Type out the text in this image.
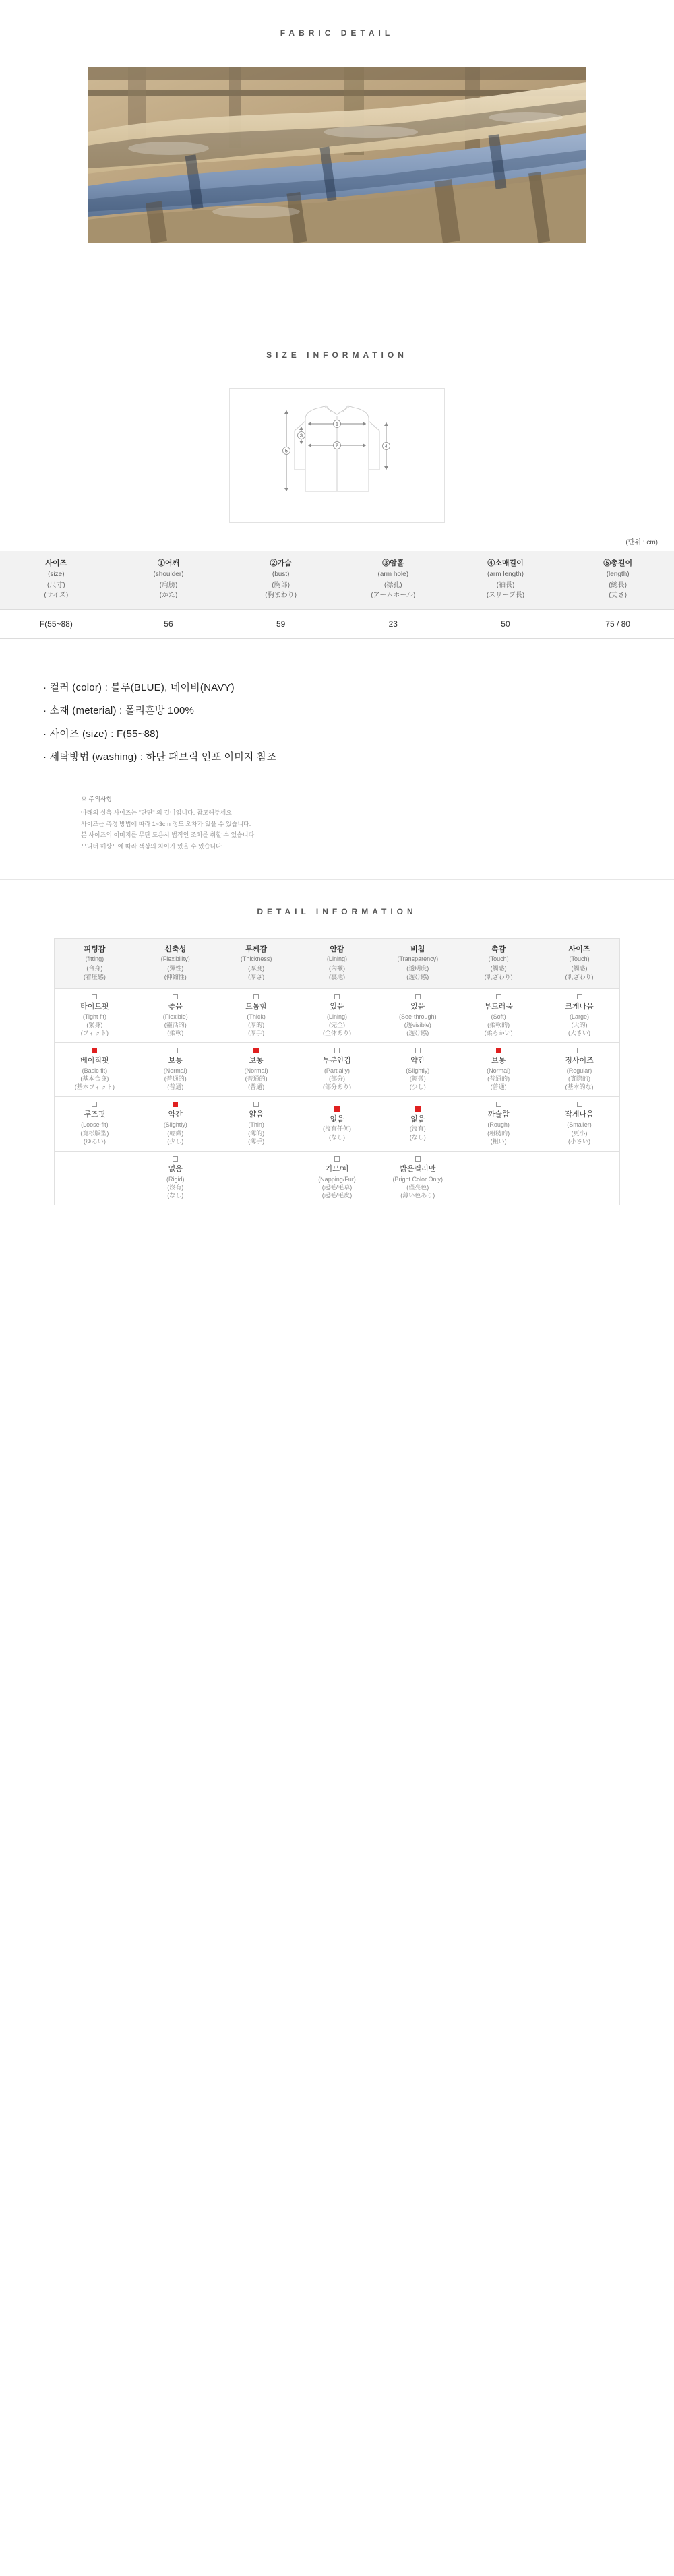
FABRIC DETAIL
SIZE INFORMATION
1
2
3
4
5
(단위 : cm)
사이즈
(size)
(尺寸)
(サイズ)	①어깨
(shoulder)
(肩膀)
(かた)	②가슴
(bust)
(胸部)
(胸まわり)	③암홀
(arm hole)
(襟孔)
(アームホール)	④소매길이
(arm length)
(袖長)
(スリーブ長)	⑤총길이
(length)
(總長)
(丈さ)

F(55~88)	56	59	23	50	75 / 80
· 컬러 (color) : 블루(BLUE), 네이비(NAVY)
· 소재 (meterial) : 폴리혼방 100%
· 사이즈 (size) : F(55~88)
· 세탁방법 (washing) : 하단 패브릭 인포 이미지 참조
※ 주의사항
아래의 실측 사이즈는 "단면" 의 길이입니다. 참고해주세요
사이즈는 측정 방법에 따라 1~3cm 정도 오차가 있을 수 있습니다.
본 사이즈의 이미지를 무단 도용시 법적인 조치를 취할 수 있습니다.
모니터 해상도에 따라 색상의 차이가 있을 수 있습니다.
DETAIL INFORMATION
피팅감
(fitting)
(合身)
(着圧感)	신축성
(Flexibility)
(彈性)
(伸縮性)	두께감
(Thickness)
(厚度)
(厚さ)	안감
(Lining)
(內襯)
(裏地)	비침
(Transparency)
(透明度)
(透け感)	촉감
(Touch)
(觸感)
(肌ざわり)	사이즈
(Touch)
(觸感)
(肌ざわり)

타이트핏
(Tight fit)
(緊身)
(フィット)	좋음
(Flexible)
(靈活的)
(柔軟)	도톰함
(Thick)
(厚的)
(厚手)	있음
(Lining)
(完全)
(全体あり)	있음
(See-through)
(透visible)
(透け感)	부드러움
(Soft)
(柔軟的)
(柔らかい)	크게나옴
(Large)
(大的)
(大きい)

베이직핏
(Basic fit)
(基本合身)
(基本フィット)	보통
(Normal)
(普通的)
(普通)	보통
(Normal)
(普通的)
(普通)	부분안감
(Partially)
(部分)
(部分あり)	약간
(Slightly)
(輕微)
(少し)	보통
(Normal)
(普通的)
(普通)	정사이즈
(Regular)
(實際的)
(基本的な)

루즈핏
(Loose-fit)
(寬松版型)
(ゆるい)	약간
(Slightly)
(輕微)
(少し)	얇음
(Thin)
(薄的)
(薄手)	없음
(沒有任何)
(なし)	없음
(沒有)
(なし)	까슬함
(Rough)
(粗糙的)
(粗い)	작게나옴
(Smaller)
(更小)
(小さい)

	없음
(Rigid)
(沒有)
(なし)		기모/퍼
(Napping/Fur)
(起毛/毛草)
(起毛/毛皮)	밝은컬러만
(Bright Color Only)
(僅亮色)
(薄い色あり)		
